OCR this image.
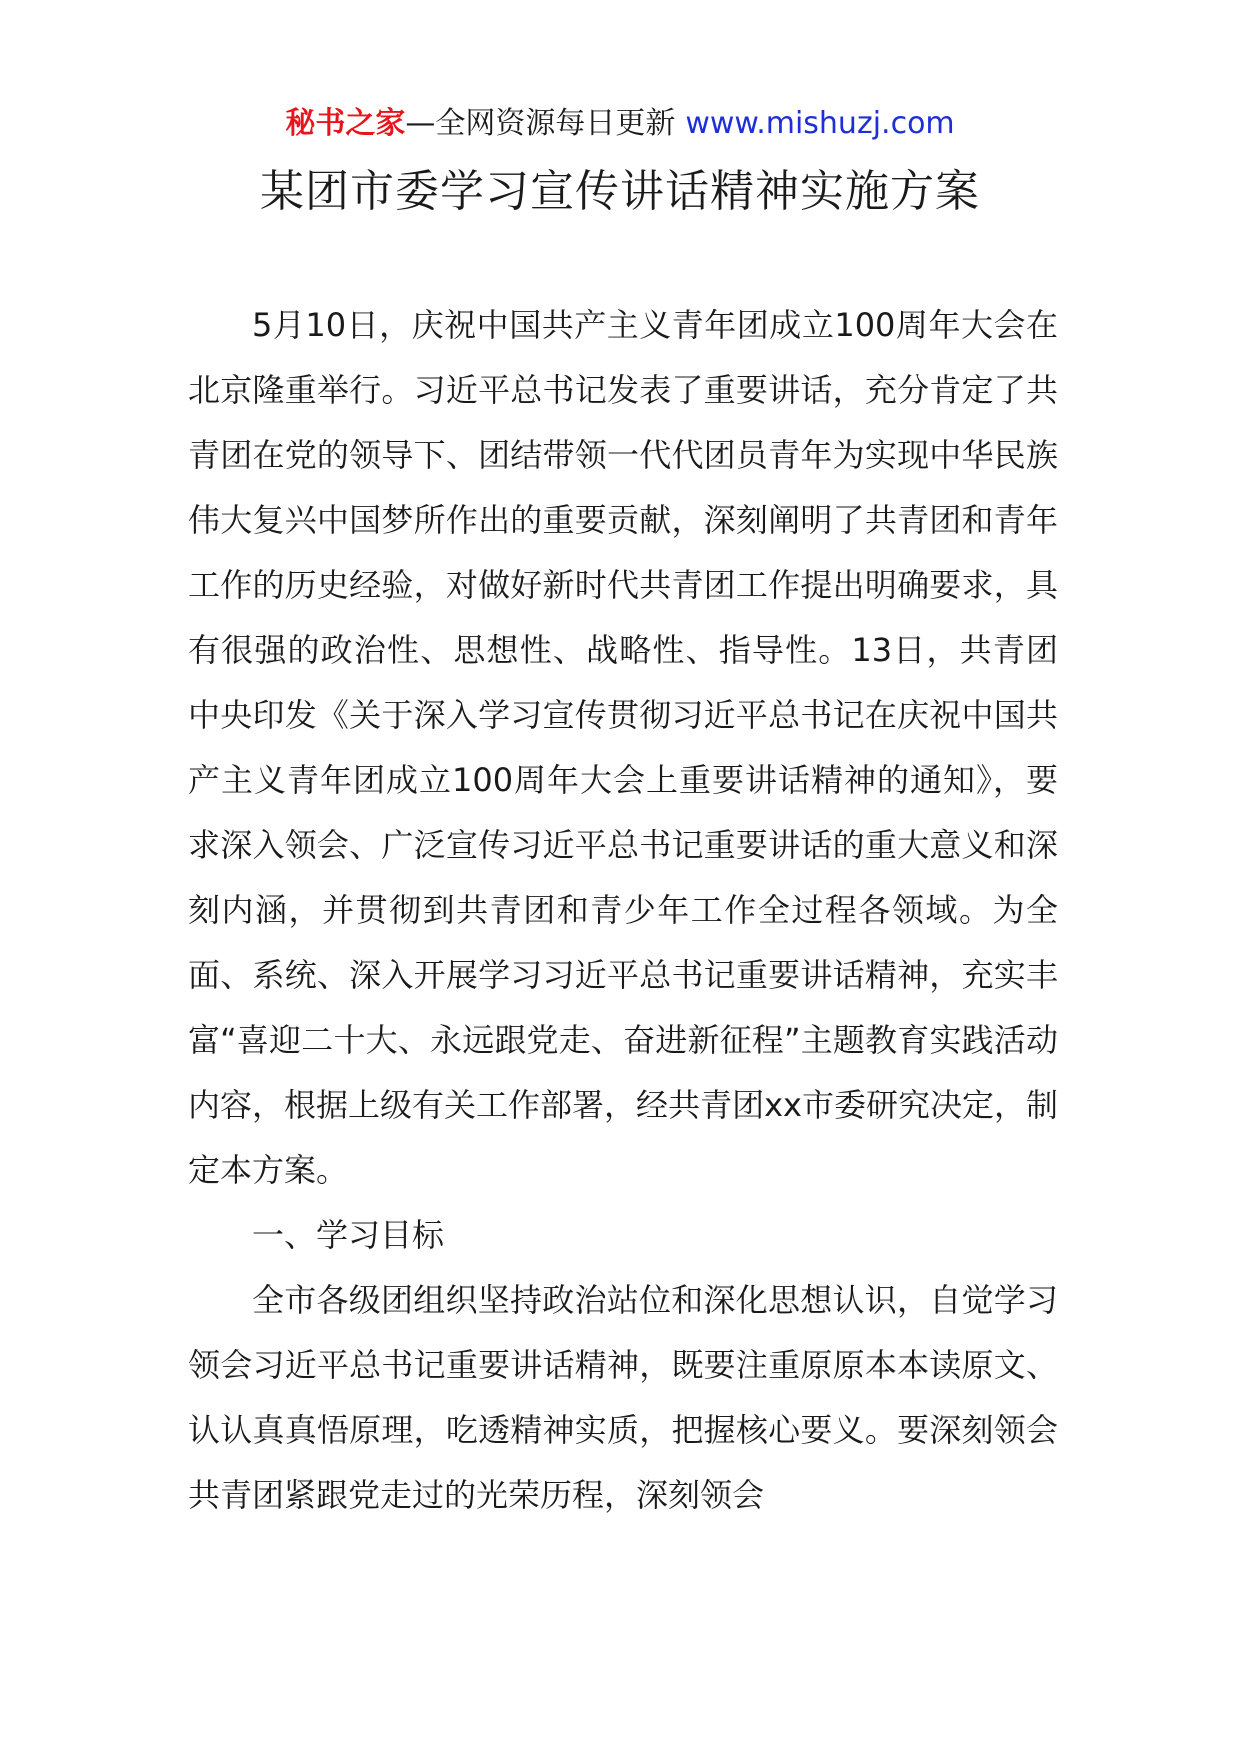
秘书之家—全网资源每日更新 www.mishuzj.com
某团市委学习宣传讲话精神实施方案

5月10日，庆祝中国共产主义青年团成立100周年大会在北京隆重举行。习近平总书记发表了重要讲话，充分肯定了共青团在党的领导下、团结带领一代代团员青年为实现中华民族伟大复兴中国梦所作出的重要贡献，深刻阐明了共青团和青年工作的历史经验，对做好新时代共青团工作提出明确要求，具有很强的政治性、思想性、战略性、指导性。13日，共青团中央印发《关于深入学习宣传贯彻习近平总书记在庆祝中国共产主义青年团成立100周年大会上重要讲话精神的通知》，要求深入领会、广泛宣传习近平总书记重要讲话的重大意义和深刻内涵，并贯彻到共青团和青少年工作全过程各领域。为全面、系统、深入开展学习习近平总书记重要讲话精神，充实丰富“喜迎二十大、永远跟党走、奋进新征程”主题教育实践活动内容，根据上级有关工作部署，经共青团xx市委研究决定，制定本方案。

一、学习目标

全市各级团组织坚持政治站位和深化思想认识，自觉学习领会习近平总书记重要讲话精神，既要注重原原本本读原文、认认真真悟原理，吃透精神实质，把握核心要义。要深刻领会共青团紧跟党走过的光荣历程，深刻领会
